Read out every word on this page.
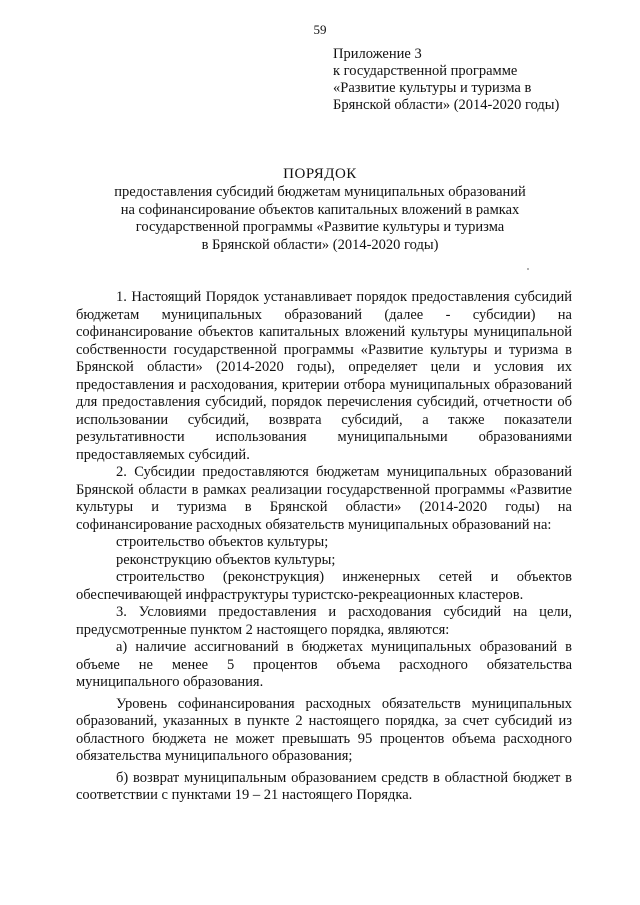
59
Приложение 3
к государственной программе
«Развитие культуры и туризма в
Брянской области» (2014-2020 годы)
ПОРЯДОК
предоставления субсидий бюджетам муниципальных образований
на софинансирование объектов капитальных вложений в рамках
государственной программы «Развитие культуры и туризма
в Брянской области» (2014-2020 годы)

1. Настоящий Порядок устанавливает порядок предоставления субсидий бюджетам муниципальных образований (далее - субсидии) на софинансирование объектов капитальных вложений культуры муниципальной собственности государственной программы «Развитие культуры и туризма в Брянской области» (2014-2020 годы), определяет цели и условия их предоставления и расходования, критерии отбора муниципальных образований для предоставления субсидий, порядок перечисления субсидий, отчетности об использовании субсидий, возврата субсидий, а также показатели результативности использования муниципальными образованиями предоставляемых субсидий.

2. Субсидии предоставляются бюджетам муниципальных образований Брянской области в рамках реализации государственной программы «Развитие культуры и туризма в Брянской области» (2014-2020 годы) на софинансирование расходных обязательств муниципальных образований на:

строительство объектов культуры;

реконструкцию объектов культуры;

строительство (реконструкция) инженерных сетей и объектов обеспечивающей инфраструктуры туристско-рекреационных кластеров.

3. Условиями предоставления и расходования субсидий на цели, предусмотренные пунктом 2 настоящего порядка, являются:

а) наличие ассигнований в бюджетах муниципальных образований в объеме не менее 5 процентов объема расходного обязательства муниципального образования.

Уровень софинансирования расходных обязательств муниципальных образований, указанных в пункте 2 настоящего порядка, за счет субсидий из областного бюджета не может превышать 95 процентов объема расходного обязательства муниципального образования;

б) возврат муниципальным образованием средств в областной бюджет в соответствии с пунктами 19 – 21 настоящего Порядка.
